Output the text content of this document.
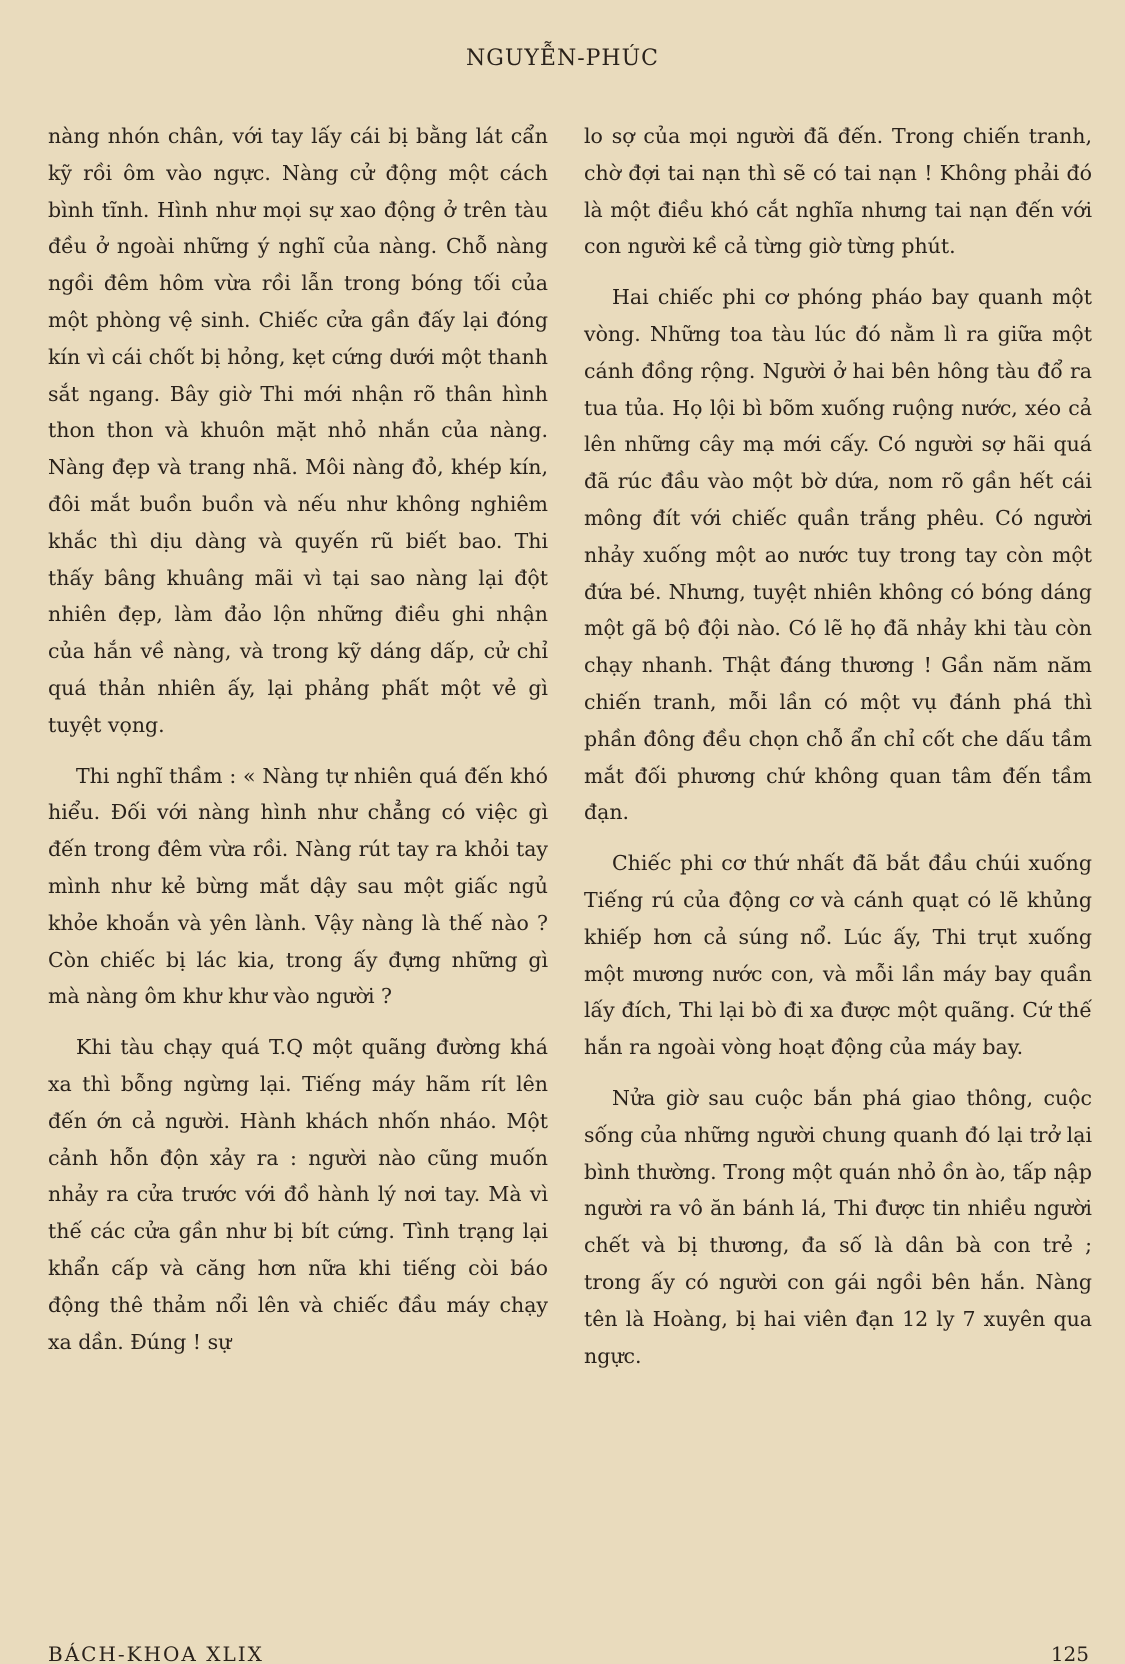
NGUYỄN-PHÚC

nàng nhón chân, với tay lấy cái bị bằng lát cẩn kỹ rồi ôm vào ngực. Nàng cử động một cách bình tĩnh. Hình như mọi sự xao động ở trên tàu đều ở ngoài những ý nghĩ của nàng. Chỗ nàng ngồi đêm hôm vừa rồi lẫn trong bóng tối của một phòng vệ sinh. Chiếc cửa gần đấy lại đóng kín vì cái chốt bị hỏng, kẹt cứng dưới một thanh sắt ngang. Bây giờ Thi mới nhận rõ thân hình thon thon và khuôn mặt nhỏ nhắn của nàng. Nàng đẹp và trang nhã. Môi nàng đỏ, khép kín, đôi mắt buồn buồn và nếu như không nghiêm khắc thì dịu dàng và quyến rũ biết bao. Thi thấy bâng khuâng mãi vì tại sao nàng lại đột nhiên đẹp, làm đảo lộn những điều ghi nhận của hắn về nàng, và trong kỹ dáng dấp, cử chỉ quá thản nhiên ấy, lại phảng phất một vẻ gì tuyệt vọng.

Thi nghĩ thầm : « Nàng tự nhiên quá đến khó hiểu. Đối với nàng hình như chẳng có việc gì đến trong đêm vừa rồi. Nàng rút tay ra khỏi tay mình như kẻ bừng mắt dậy sau một giấc ngủ khỏe khoắn và yên lành. Vậy nàng là thế nào ? Còn chiếc bị lác kia, trong ấy đựng những gì mà nàng ôm khư khư vào người ?

Khi tàu chạy quá T.Q một quãng đường khá xa thì bỗng ngừng lại. Tiếng máy hãm rít lên đến ớn cả người. Hành khách nhốn nháo. Một cảnh hỗn độn xảy ra : người nào cũng muốn nhảy ra cửa trước với đồ hành lý nơi tay. Mà vì thế các cửa gần như bị bít cứng. Tình trạng lại khẩn cấp và căng hơn nữa khi tiếng còi báo động thê thảm nổi lên và chiếc đầu máy chạy xa dần. Đúng ! sự

lo sợ của mọi người đã đến. Trong chiến tranh, chờ đợi tai nạn thì sẽ có tai nạn ! Không phải đó là một điều khó cắt nghĩa nhưng tai nạn đến với con người kề cả từng giờ từng phút.

Hai chiếc phi cơ phóng pháo bay quanh một vòng. Những toa tàu lúc đó nằm lì ra giữa một cánh đồng rộng. Người ở hai bên hông tàu đổ ra tua tủa. Họ lội bì bõm xuống ruộng nước, xéo cả lên những cây mạ mới cấy. Có người sợ hãi quá đã rúc đầu vào một bờ dứa, nom rõ gần hết cái mông đít với chiếc quần trắng phêu. Có người nhảy xuống một ao nước tuy trong tay còn một đứa bé. Nhưng, tuyệt nhiên không có bóng dáng một gã bộ đội nào. Có lẽ họ đã nhảy khi tàu còn chạy nhanh. Thật đáng thương ! Gần năm năm chiến tranh, mỗi lần có một vụ đánh phá thì phần đông đều chọn chỗ ẩn chỉ cốt che dấu tầm mắt đối phương chứ không quan tâm đến tầm đạn.

Chiếc phi cơ thứ nhất đã bắt đầu chúi xuống Tiếng rú của động cơ và cánh quạt có lẽ khủng khiếp hơn cả súng nổ. Lúc ấy, Thi trụt xuống một mương nước con, và mỗi lần máy bay quần lấy đích, Thi lại bò đi xa được một quãng. Cứ thế hắn ra ngoài vòng hoạt động của máy bay.

Nửa giờ sau cuộc bắn phá giao thông, cuộc sống của những người chung quanh đó lại trở lại bình thường. Trong một quán nhỏ ồn ào, tấp nập người ra vô ăn bánh lá, Thi được tin nhiều người chết và bị thương, đa số là dân bà con trẻ ; trong ấy có người con gái ngồi bên hắn. Nàng tên là Hoàng, bị hai viên đạn 12 ly 7 xuyên qua ngực.

BÁCH-KHOA XLIX	125
